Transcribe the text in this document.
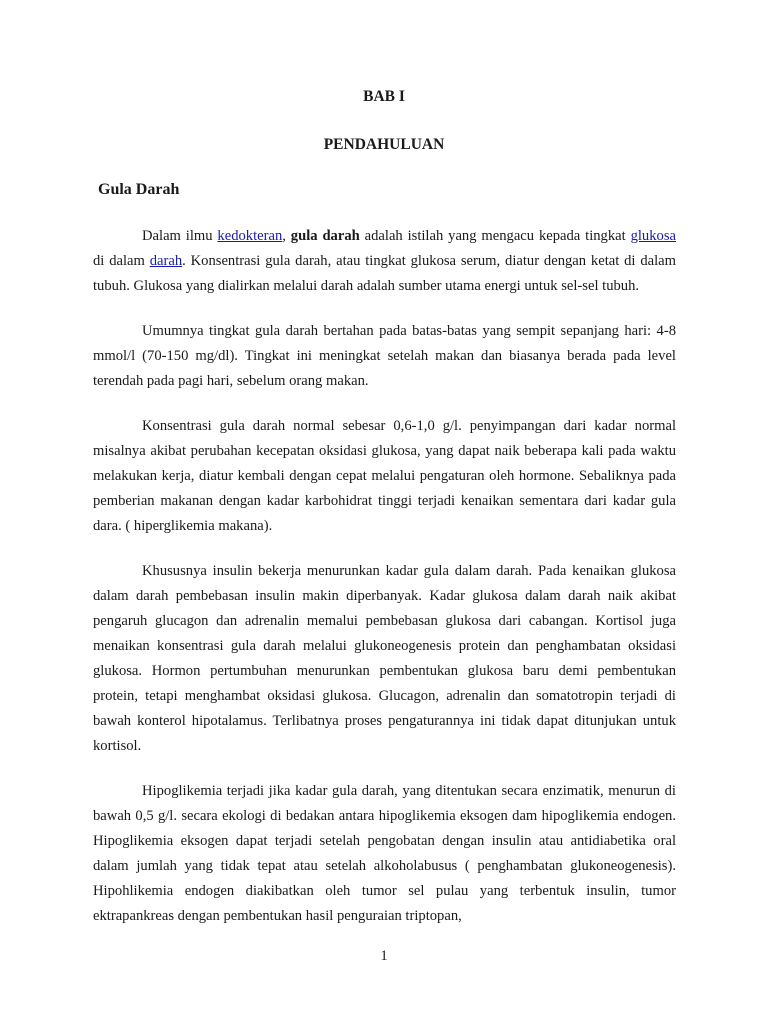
BAB I
PENDAHULUAN
Gula Darah

Dalam ilmu kedokteran, gula darah adalah istilah yang mengacu kepada tingkat glukosa di dalam darah. Konsentrasi gula darah, atau tingkat glukosa serum, diatur dengan ketat di dalam tubuh. Glukosa yang dialirkan melalui darah adalah sumber utama energi untuk sel-sel tubuh.

Umumnya tingkat gula darah bertahan pada batas-batas yang sempit sepanjang hari: 4-8 mmol/l (70-150 mg/dl). Tingkat ini meningkat setelah makan dan biasanya berada pada level terendah pada pagi hari, sebelum orang makan.

Konsentrasi gula darah normal sebesar 0,6-1,0 g/l. penyimpangan dari kadar normal misalnya akibat perubahan kecepatan oksidasi glukosa, yang dapat naik beberapa kali pada waktu melakukan kerja, diatur kembali dengan cepat melalui pengaturan oleh hormone. Sebaliknya pada pemberian makanan dengan kadar karbohidrat tinggi terjadi kenaikan sementara dari kadar gula dara. ( hiperglikemia makana).

Khususnya insulin bekerja menurunkan kadar gula dalam darah. Pada kenaikan glukosa dalam darah pembebasan insulin makin diperbanyak. Kadar glukosa dalam darah naik akibat pengaruh glucagon dan adrenalin memalui pembebasan glukosa dari cabangan. Kortisol juga menaikan konsentrasi gula darah melalui glukoneogenesis protein dan penghambatan oksidasi glukosa. Hormon pertumbuhan menurunkan pembentukan glukosa baru demi pembentukan protein, tetapi menghambat oksidasi glukosa. Glucagon, adrenalin dan somatotropin terjadi di bawah konterol hipotalamus. Terlibatnya proses pengaturannya ini tidak dapat ditunjukan untuk kortisol.

Hipoglikemia terjadi jika kadar gula darah, yang ditentukan secara enzimatik, menurun di bawah 0,5 g/l. secara ekologi di bedakan antara hipoglikemia eksogen dam hipoglikemia endogen. Hipoglikemia eksogen dapat terjadi setelah pengobatan dengan insulin atau antidiabetika oral dalam jumlah yang tidak tepat atau setelah alkoholabusus ( penghambatan glukoneogenesis). Hipohlikemia endogen diakibatkan oleh tumor sel pulau yang terbentuk insulin, tumor ektrapankreas dengan pembentukan hasil penguraian triptopan,

1
